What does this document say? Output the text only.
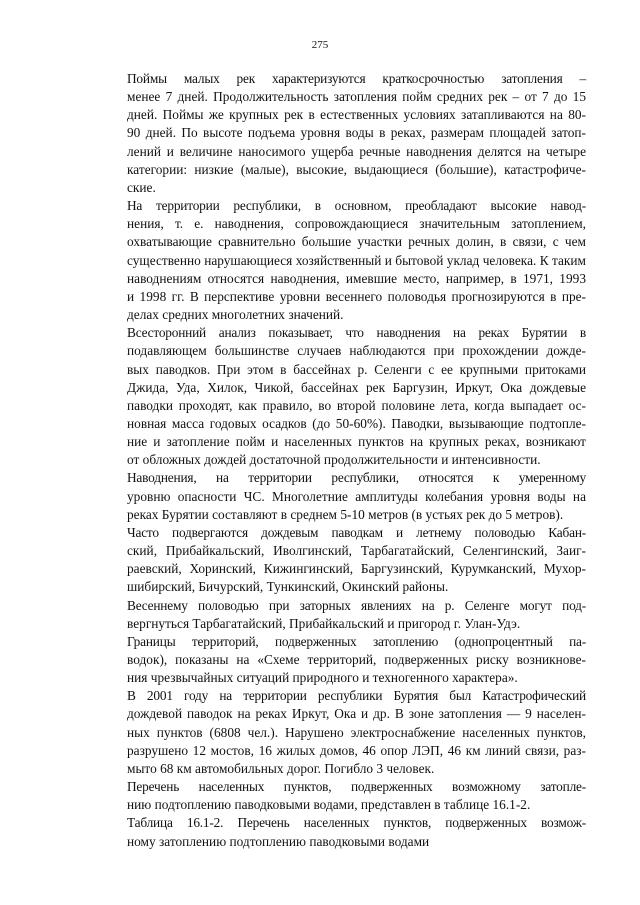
275
Поймы малых рек характеризуются краткосрочностью затопления –
менее 7 дней. Продолжительность затопления пойм средних рек – от 7 до 15
дней. Поймы же крупных рек в естественных условиях затапливаются на 80-
90 дней. По высоте подъема уровня воды в реках, размерам площадей затоп-
лений и величине наносимого ущерба речные наводнения делятся на четыре
категории: низкие (малые), высокие, выдающиеся (большие), катастрофиче-
ские.
На территории республики, в основном, преобладают высокие навод-
нения, т. е. наводнения, сопровождающиеся значительным затоплением,
охватывающие сравнительно большие участки речных долин, в связи, с чем
существенно нарушающиеся хозяйственный и бытовой уклад человека. К таким
наводнениям относятся наводнения, имевшие место, например, в 1971, 1993
и 1998 гг. В перспективе уровни весеннего половодья прогнозируются в пре-
делах средних многолетних значений.
Всесторонний анализ показывает, что наводнения на реках Бурятии в
подавляющем большинстве случаев наблюдаются при прохождении дожде-
вых паводков. При этом в бассейнах р. Селенги с ее крупными притоками
Джида, Уда, Хилок, Чикой, бассейнах рек Баргузин, Иркут, Ока дождевые
паводки проходят, как правило, во второй половине лета, когда выпадает ос-
новная масса годовых осадков (до 50-60%). Паводки, вызывающие подтопле-
ние и затопление пойм и населенных пунктов на крупных реках, возникают
от обложных дождей достаточной продолжительности и интенсивности.
Наводнения, на территории республики, относятся к умеренному
уровню опасности ЧС. Многолетние амплитуды колебания уровня воды на
реках Бурятии составляют в среднем 5-10 метров (в устьях рек до 5 метров).
Часто подвергаются дождевым паводкам и летнему половодью Кабан-
ский, Прибайкальский, Иволгинский, Тарбагатайский, Селенгинский, Заиг-
раевский, Хоринский, Кижингинский, Баргузинский, Курумканский, Мухор-
шибирский, Бичурский, Тункинский, Окинский районы.
Весеннему половодью при заторных явлениях на р. Селенге могут под-
вергнуться Тарбагатайский, Прибайкальский и пригород г. Улан-Удэ.
Границы территорий, подверженных затоплению (однопроцентный па-
водок), показаны на «Схеме территорий, подверженных риску возникнове-
ния чрезвычайных ситуаций природного и техногенного характера».
В 2001 году на территории республики Бурятия был Катастрофический
дождевой паводок на реках Иркут, Ока и др. В зоне затопления — 9 населен-
ных пунктов (6808 чел.). Нарушено электроснабжение населенных пунктов,
разрушено 12 мостов, 16 жилых домов, 46 опор ЛЭП, 46 км линий связи, раз-
мыто 68 км автомобильных дорог. Погибло 3 человек.
Перечень населенных пунктов, подверженных возможному затопле-
нию подтоплению паводковыми водами, представлен в таблице 16.1-2.
Таблица 16.1-2. Перечень населенных пунктов, подверженных возмож-
ному затоплению подтоплению паводковыми водами
